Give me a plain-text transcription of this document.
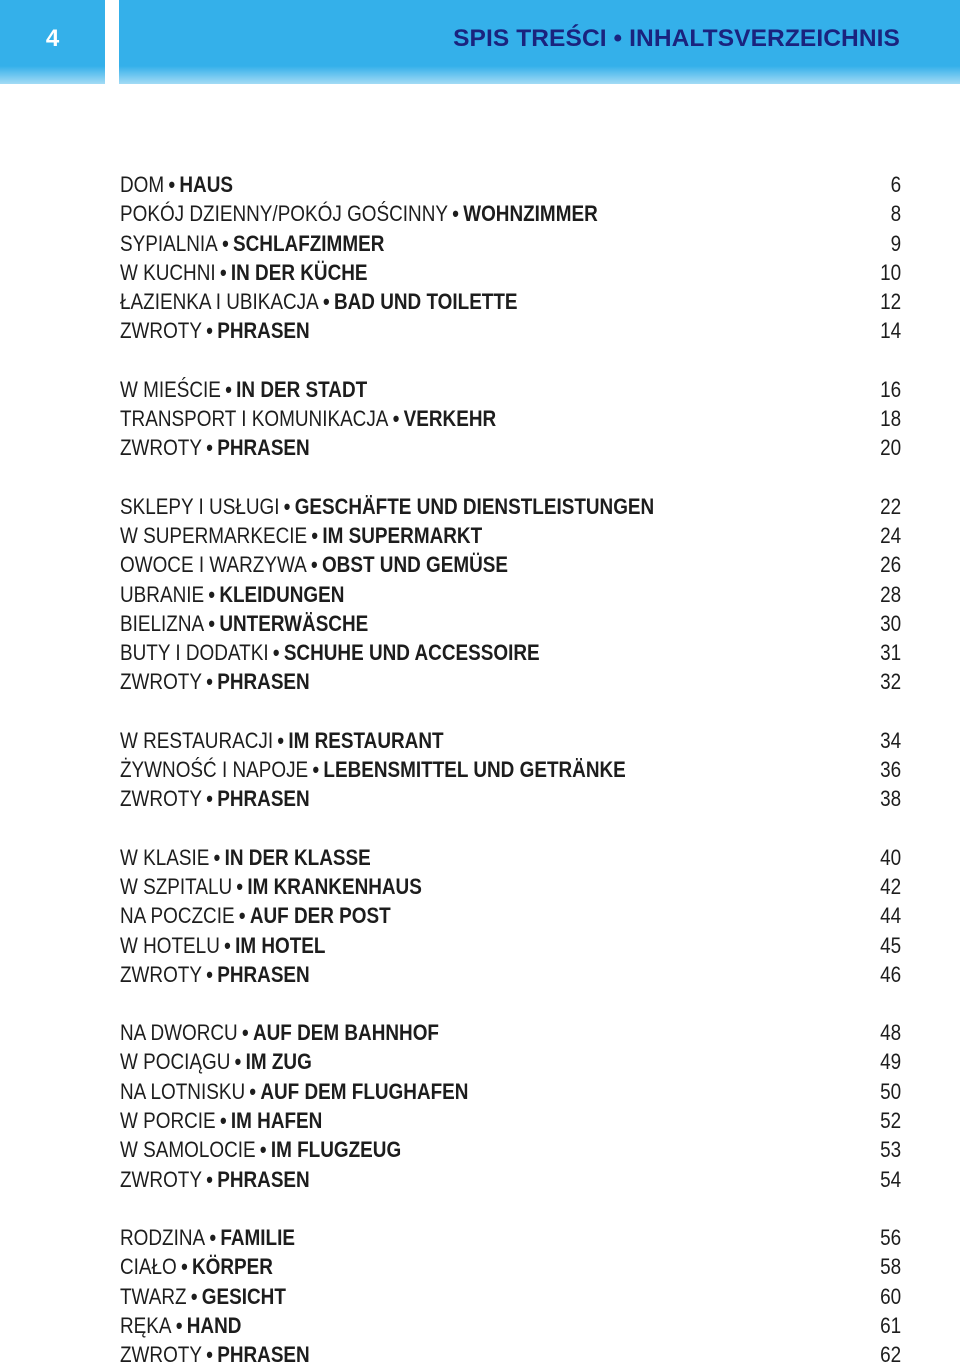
4	SPIS TREŚCI • INHALTSVERZEICHNIS
DOM • HAUS	6
POKÓJ DZIENNY/POKÓJ GOŚCINNY • WOHNZIMMER	8
SYPIALNIA • SCHLAFZIMMER	9
W KUCHNI • IN DER KÜCHE	10
ŁAZIENKA I UBIKACJA • BAD UND TOILETTE	12
ZWROTY • PHRASEN	14
W MIEŚCIE • IN DER STADT	16
TRANSPORT I KOMUNIKACJA • VERKEHR	18
ZWROTY • PHRASEN	20
SKLEPY I USŁUGI • GESCHÄFTE UND DIENSTLEISTUNGEN	22
W SUPERMARKECIE • IM SUPERMARKT	24
OWOCE I WARZYWA • OBST UND GEMÜSE	26
UBRANIE • KLEIDUNGEN	28
BIELIZNA • UNTERWÄSCHE	30
BUTY I DODATKI • SCHUHE UND ACCESSOIRE	31
ZWROTY • PHRASEN	32
W RESTAURACJI • IM RESTAURANT	34
ŻYWNOŚĆ I NAPOJE • LEBENSMITTEL UND GETRÄNKE	36
ZWROTY • PHRASEN	38
W KLASIE • IN DER KLASSE	40
W SZPITALU • IM KRANKENHAUS	42
NA POCZCIE • AUF DER POST	44
W HOTELU • IM HOTEL	45
ZWROTY • PHRASEN	46
NA DWORCU • AUF DEM BAHNHOF	48
W POCIĄGU • IM ZUG	49
NA LOTNISKU • AUF DEM FLUGHAFEN	50
W PORCIE • IM HAFEN	52
W SAMOLOCIE • IM FLUGZEUG	53
ZWROTY • PHRASEN	54
RODZINA • FAMILIE	56
CIAŁO • KÖRPER	58
TWARZ • GESICHT	60
RĘKA • HAND	61
ZWROTY • PHRASEN	62
